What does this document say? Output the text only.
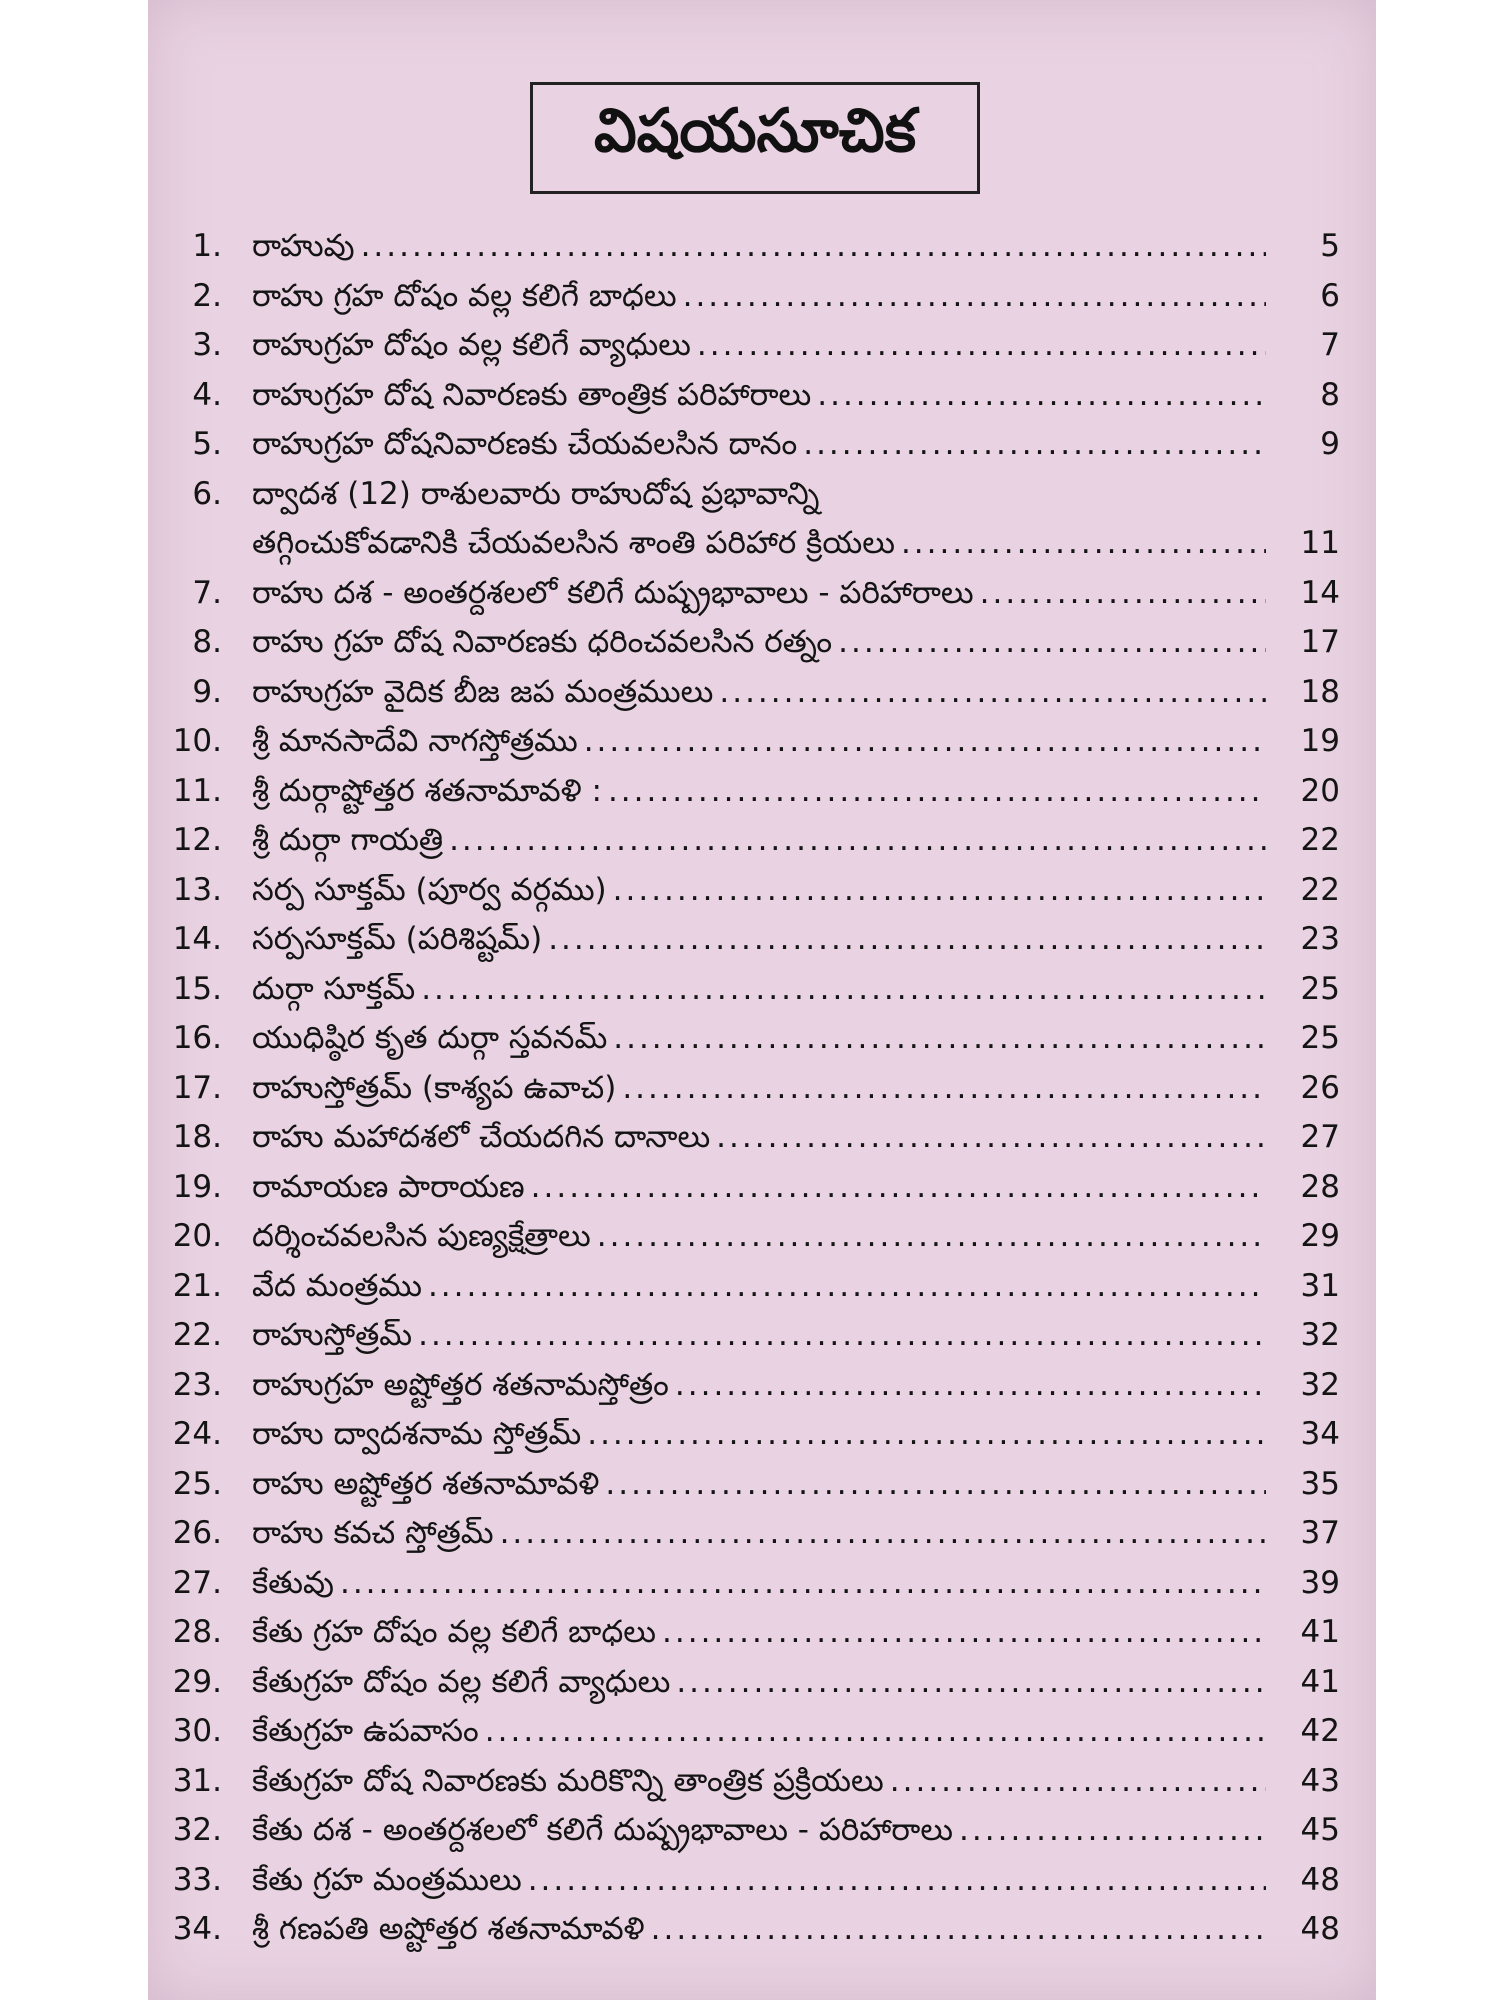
విషయసూచిక
1. రాహువు .....	5
2. రాహు గ్రహ దోషం వల్ల కలిగే బాధలు .....	6
3. రాహుగ్రహ దోషం వల్ల కలిగే వ్యాధులు .....	7
4. రాహుగ్రహ దోష నివారణకు తాంత్రిక పరిహారాలు .....	8
5. రాహుగ్రహ దోషనివారణకు చేయవలసిన దానం .....	9
6. ద్వాదశ (12) రాశులవారు రాహుదోష ప్రభావాన్ని
తగ్గించుకోవడానికి చేయవలసిన శాంతి పరిహార క్రియలు .....	11
7. రాహు దశ - అంతర్దశలలో కలిగే దుష్ప్రభావాలు - పరిహారాలు .....	14
8. రాహు గ్రహ దోష నివారణకు ధరించవలసిన రత్నం .....	17
9. రాహుగ్రహ వైదిక బీజ జప మంత్రములు .....	18
10. శ్రీ మానసాదేవి నాగస్తోత్రము .....	19
11. శ్రీ దుర్గాష్టోత్తర శతనామావళి : .....	20
12. శ్రీ దుర్గా గాయత్రి .....	22
13. సర్ప సూక్తమ్ (పూర్వ వర్గము) .....	22
14. సర్పసూక్తమ్ (పరిశిష్టమ్) .....	23
15. దుర్గా సూక్తమ్ .....	25
16. యుధిష్ఠిర కృత దుర్గా స్తవనమ్ .....	25
17. రాహుస్తోత్రమ్ (కాశ్యప ఉవాచ) .....	26
18. రాహు మహాదశలో చేయదగిన దానాలు .....	27
19. రామాయణ పారాయణ .....	28
20. దర్శించవలసిన పుణ్యక్షేత్రాలు .....	29
21. వేద మంత్రము .....	31
22. రాహుస్తోత్రమ్ .....	32
23. రాహుగ్రహ అష్టోత్తర శతనామస్తోత్రం .....	32
24. రాహు ద్వాదశనామ స్తోత్రమ్ .....	34
25. రాహు అష్టోత్తర శతనామావళి .....	35
26. రాహు కవచ స్తోత్రమ్ .....	37
27. కేతువు .....	39
28. కేతు గ్రహ దోషం వల్ల కలిగే బాధలు .....	41
29. కేతుగ్రహ దోషం వల్ల కలిగే వ్యాధులు .....	41
30. కేతుగ్రహ ఉపవాసం .....	42
31. కేతుగ్రహ దోష నివారణకు మరికొన్ని తాంత్రిక ప్రక్రియలు .....	43
32. కేతు దశ - అంతర్దశలలో కలిగే దుష్ప్రభావాలు - పరిహారాలు .....	45
33. కేతు గ్రహ మంత్రములు .....	48
34. శ్రీ గణపతి అష్టోత్తర శతనామావళి .....	48
